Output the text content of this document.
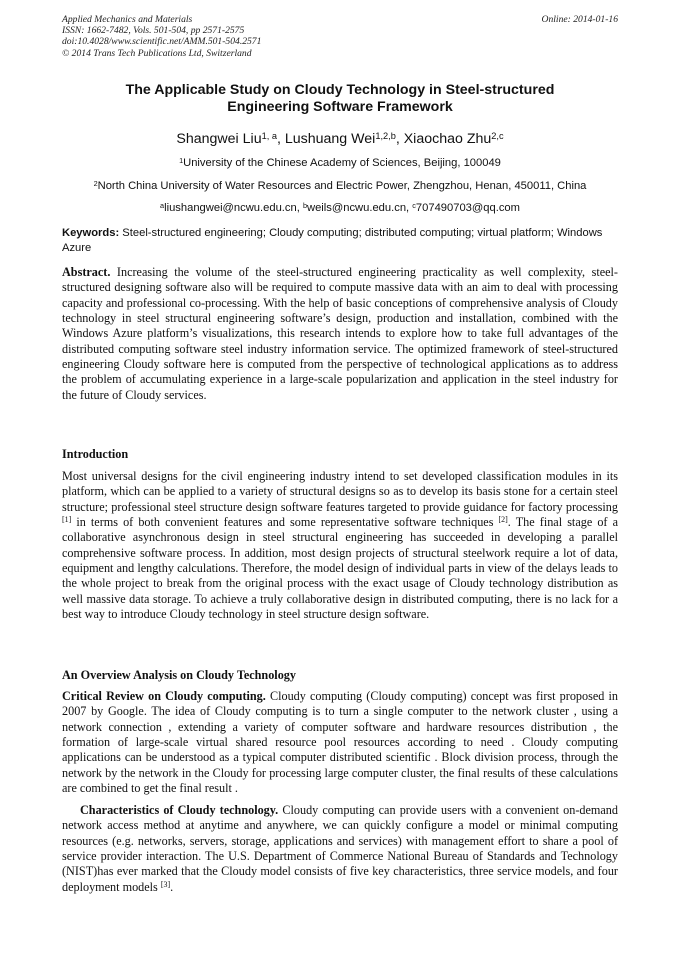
Applied Mechanics and Materials
ISSN: 1662-7482, Vols. 501-504, pp 2571-2575
doi:10.4028/www.scientific.net/AMM.501-504.2571
© 2014 Trans Tech Publications Ltd, Switzerland
Online: 2014-01-16
The Applicable Study on Cloudy Technology in Steel-structured
Engineering Software Framework
Shangwei Liu$^{1, a}$, Lushuang Wei$^{1,2,b}$, Xiaochao Zhu$^{2,c}$
$^1$University of the Chinese Academy of Sciences, Beijing, 100049
$^2$North China University of Water Resources and Electric Power, Zhengzhou, Henan, 450011, China
$^a$liushangwei@ncwu.edu.cn, $^b$weils@ncwu.edu.cn, $^c$707490703@qq.com
Keywords: Steel-structured engineering; Cloudy computing; distributed computing; virtual platform; Windows Azure
Abstract. Increasing the volume of the steel-structured engineering practicality as well complexity, steel- structured designing software also will be required to compute massive data with an aim to deal with processing capacity and professional co-processing. With the help of basic conceptions of comprehensive analysis of Cloudy technology in steel structural engineering software’s design, production and installation, combined with the Windows Azure platform’s visualizations, this research intends to explore how to take full advantages of the distributed computing software steel industry information service. The optimized framework of steel-structured engineering Cloudy software here is computed from the perspective of technological applications as to address the problem of accumulating experience in a large-scale popularization and application in the steel industry for the future of Cloudy services.
Introduction
Most universal designs for the civil engineering industry intend to set developed classification modules in its platform, which can be applied to a variety of structural designs so as to develop its basis stone for a certain steel structure; professional steel structure design software features targeted to provide guidance for factory processing [1] in terms of both convenient features and some representative software techniques [2]. The final stage of a collaborative asynchronous design in steel structural engineering has succeeded in developing a parallel comprehensive software process. In addition, most design projects of structural steelwork require a lot of data, equipment and lengthy calculations. Therefore, the model design of individual parts in view of the delays leads to the whole project to break from the original process with the exact usage of Cloudy technology distribution as well massive data storage. To achieve a truly collaborative design in distributed computing, there is no lack for a best way to introduce Cloudy technology in steel structure design software.
An Overview Analysis on Cloudy Technology
Critical Review on Cloudy computing. Cloudy computing (Cloudy computing) concept was first proposed in 2007 by Google. The idea of Cloudy computing is to turn a single computer to the network cluster , using a network connection , extending a variety of computer software and hardware resources distribution , the formation of large-scale virtual shared resource pool resources according to need . Cloudy computing applications can be understood as a typical computer distributed scientific . Block division process, through the network by the network in the Cloudy for processing large computer cluster, the final results of these calculations are combined to get the final result .
Characteristics of Cloudy technology. Cloudy computing can provide users with a convenient on-demand network access method at anytime and anywhere, we can quickly configure a model or minimal computing resources (e.g. networks, servers, storage, applications and services) with management effort to share a pool of service provider interaction. The U.S. Department of Commerce National Bureau of Standards and Technology (NIST)has ever marked that the Cloudy model consists of five key characteristics, three service models, and four deployment models [3].
